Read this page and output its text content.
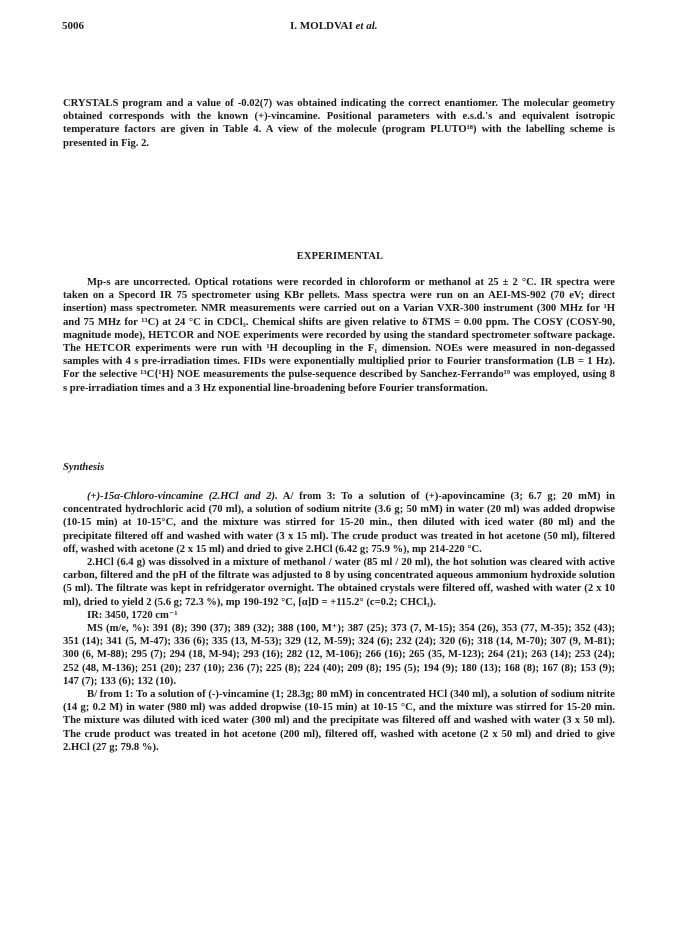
5006	I. MOLDVAI et al.

CRYSTALS program and a value of -0.02(7) was obtained indicating the correct enantiomer. The molecular geometry obtained corresponds with the known (+)-vincamine. Positional parameters with e.s.d.'s and equivalent isotropic temperature factors are given in Table 4. A view of the molecule (program PLUTO¹⁸) with the labelling scheme is presented in Fig. 2.

EXPERIMENTAL

Mp-s are uncorrected. Optical rotations were recorded in chloroform or methanol at 25 ± 2 °C. IR spectra were taken on a Specord IR 75 spectrometer using KBr pellets. Mass spectra were run on an AEI-MS-902 (70 eV; direct insertion) mass spectrometer. NMR measurements were carried out on a Varian VXR-300 instrument (300 MHz for ¹H and 75 MHz for ¹³C) at 24 °C in CDCl₃. Chemical shifts are given relative to δTMS = 0.00 ppm. The COSY (COSY-90, magnitude mode), HETCOR and NOE experiments were recorded by using the standard spectrometer software package. The HETCOR experiments were run with ¹H decoupling in the F₁ dimension. NOEs were measured in non-degassed samples with 4 s pre-irradiation times. FIDs were exponentially multiplied prior to Fourier transformation (LB = 1 Hz). For the selective ¹³C{¹H} NOE measurements the pulse-sequence described by Sanchez-Ferrando¹⁹ was employed, using 8 s pre-irradiation times and a 3 Hz exponential line-broadening before Fourier transformation.

Synthesis

(+)-15α-Chloro-vincamine (2.HCl and 2). A/ from 3: To a solution of (+)-apovincamine (3; 6.7 g; 20 mM) in concentrated hydrochloric acid (70 ml), a solution of sodium nitrite (3.6 g; 50 mM) in water (20 ml) was added dropwise (10-15 min) at 10-15°C, and the mixture was stirred for 15-20 min., then diluted with iced water (80 ml) and the precipitate filtered off and washed with water (3 x 15 ml). The crude product was treated in hot acetone (50 ml), filtered off, washed with acetone (2 x 15 ml) and dried to give 2.HCl (6.42 g; 75.9 %), mp 214-220 °C.

2.HCl (6.4 g) was dissolved in a mixture of methanol / water (85 ml / 20 ml), the hot solution was cleared with active carbon, filtered and the pH of the filtrate was adjusted to 8 by using concentrated aqueous ammonium hydroxide solution (5 ml). The filtrate was kept in refridgerator overnight. The obtained crystals were filtered off, washed with water (2 x 10 ml), dried to yield 2 (5.6 g; 72.3 %), mp 190-192 °C, [α]D = +115.2° (c=0.2; CHCl₃).

IR: 3450, 1720 cm⁻¹

MS (m/e, %): 391 (8); 390 (37); 389 (32); 388 (100, M⁺); 387 (25); 373 (7, M-15); 354 (26), 353 (77, M-35); 352 (43); 351 (14); 341 (5, M-47); 336 (6); 335 (13, M-53); 329 (12, M-59); 324 (6); 232 (24); 320 (6); 318 (14, M-70); 307 (9, M-81); 300 (6, M-88); 295 (7); 294 (18, M-94); 293 (16); 282 (12, M-106); 266 (16); 265 (35, M-123); 264 (21); 263 (14); 253 (24); 252 (48, M-136); 251 (20); 237 (10); 236 (7); 225 (8); 224 (40); 209 (8); 195 (5); 194 (9); 180 (13); 168 (8); 167 (8); 153 (9); 147 (7); 133 (6); 132 (10).

B/ from 1: To a solution of (-)-vincamine (1; 28.3g; 80 mM) in concentrated HCl (340 ml), a solution of sodium nitrite (14 g; 0.2 M) in water (980 ml) was added dropwise (10-15 min) at 10-15 °C, and the mixture was stirred for 15-20 min. The mixture was diluted with iced water (300 ml) and the precipitate was filtered off and washed with water (3 x 50 ml). The crude product was treated in hot acetone (200 ml), filtered off, washed with acetone (2 x 50 ml) and dried to give 2.HCl (27 g; 79.8 %).
